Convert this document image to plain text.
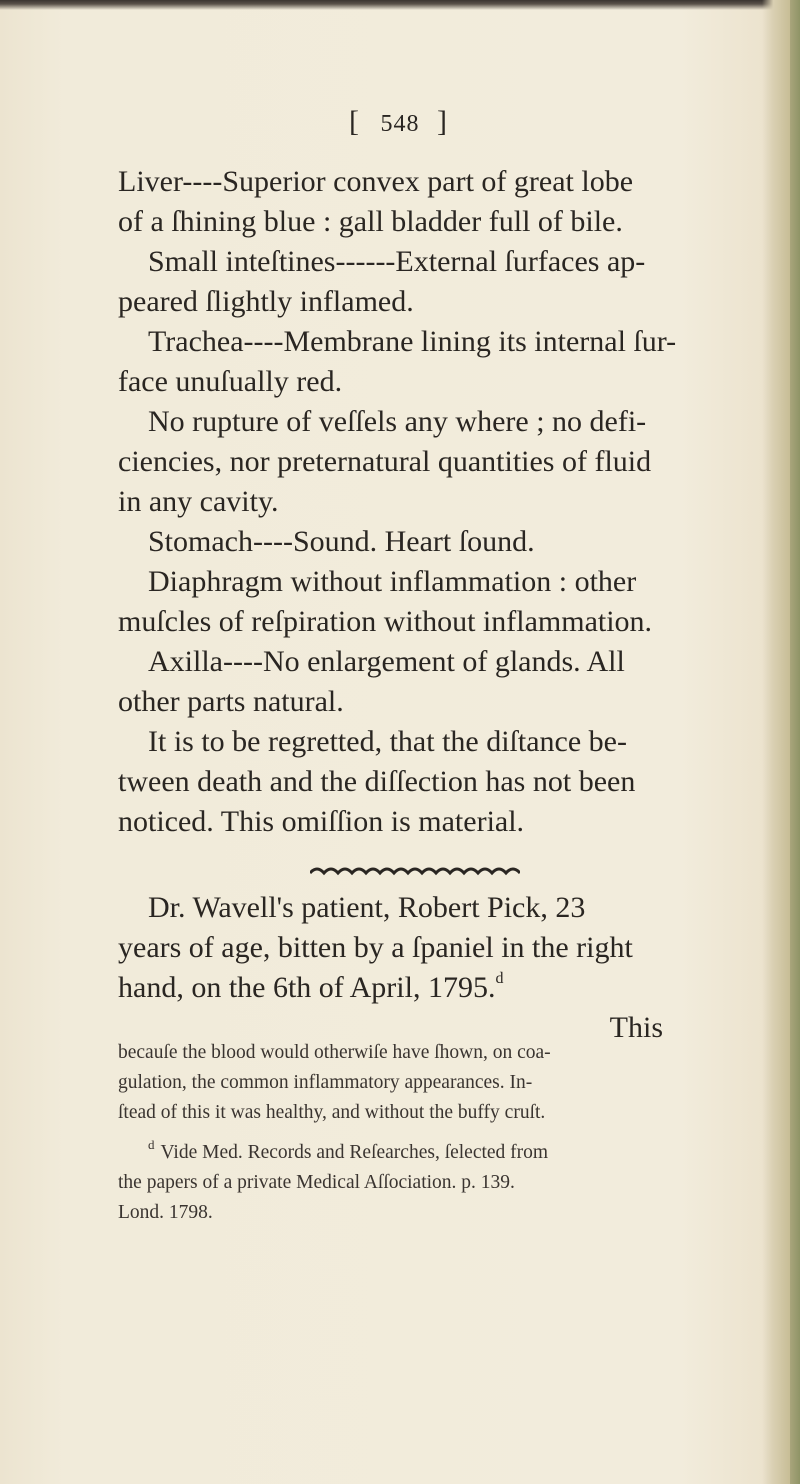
[ 548 ]
Liver----Superior convex part of great lobe
of a ſhining blue : gall bladder full of bile.
Small inteſtines------External ſurfaces ap-
peared ſlightly inflamed.
Trachea----Membrane lining its internal ſur-
face unuſually red.
No rupture of veſſels any where ; no defi-
ciencies, nor preternatural quantities of fluid
in any cavity.
Stomach----Sound. Heart ſound.
Diaphragm without inflammation : other
muſcles of reſpiration without inflammation.
Axilla----No enlargement of glands. All
other parts natural.
It is to be regretted, that the diſtance be-
tween death and the diſſection has not been
noticed. This omiſſion is material.
Dr. Wavell's patient, Robert Pick, 23
years of age, bitten by a ſpaniel in the right
hand, on the 6th of April, 1795.$^d$
This
becauſe the blood would otherwiſe have ſhown, on coa-
gulation, the common inflammatory appearances. In-
ſtead of this it was healthy, and without the buffy cruſt.
$^d$ Vide Med. Records and Reſearches, ſelected from
the papers of a private Medical Aſſociation. p. 139.
Lond. 1798.
